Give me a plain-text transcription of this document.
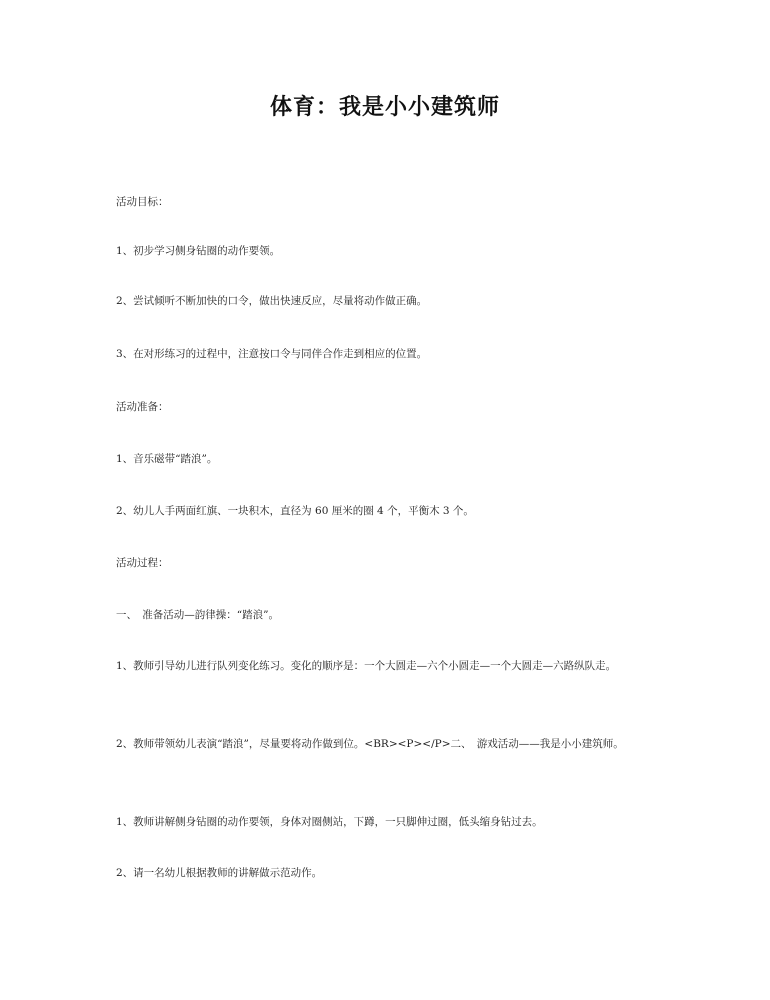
体育：我是小小建筑师
活动目标：
1、初步学习侧身钻圈的动作要领。
2、尝试倾听不断加快的口令，做出快速反应，尽量将动作做正确。
3、在对形练习的过程中，注意按口令与同伴合作走到相应的位置。
活动准备：
1、音乐磁带“踏浪”。
2、幼儿人手两面红旗、一块积木，直径为 60 厘米的圈 4 个，平衡木 3 个。
活动过程：
一、　准备活动—韵律操：“踏浪”。
1、教师引导幼儿进行队列变化练习。变化的顺序是：一个大圆走—六个小圆走—一个大圆走—六路纵队走。
2、教师带领幼儿表演“踏浪”，尽量要将动作做到位。<BR><P></P>二、　游戏活动——我是小小建筑师。
1、教师讲解侧身钻圈的动作要领，身体对圈侧站，下蹲，一只脚伸过圈，低头缩身钻过去。
2、请一名幼儿根据教师的讲解做示范动作。
